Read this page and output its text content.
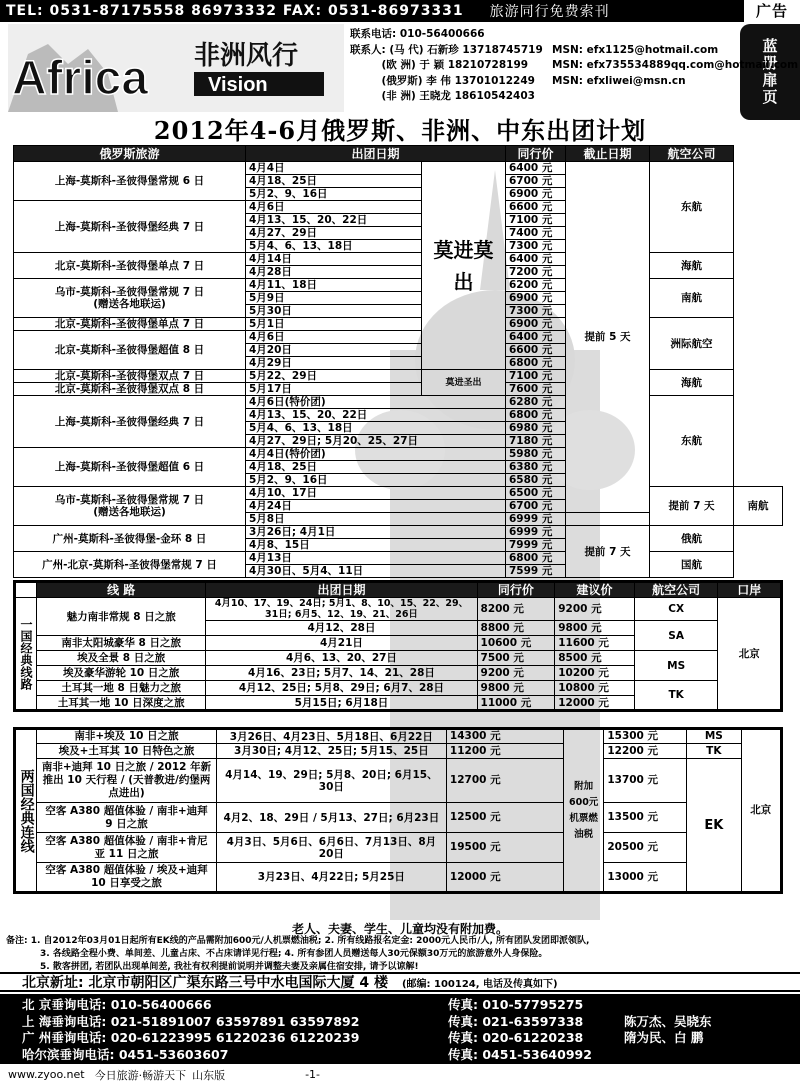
TEL: 0531-87175558 86973332 FAX: 0531-86973331 旅游同行免费索刊	广告
蓝册扉页
Africa 非洲风行
Vision
联系电话: 010-56400666
联系人: (马 代) 石新珍 13718745719 MSN: efx1125@hotmail.com
　　　(欧 洲) 于 颖 18210728199 MSN: efx735534889qq.com@hotmail.com
　　　(俄罗斯) 李 伟 13701012249 MSN: efxliwei@msn.cn
　　　(非 洲) 王晓龙 18610542403
2012年4-6月俄罗斯、非洲、中东出团计划
俄罗斯旅游	出团日期		同行价	截止日期	航空公司	
上海-莫斯科-圣彼得堡常规 6 日	4月4日	莫进莫出	6400 元	提前 5 天	东航	
	4月18、25日		6700 元			
	5月2、9、16日		6900 元			
上海-莫斯科-圣彼得堡经典 7 日	4月6日		6600 元			
	4月13、15、20、22日		7100 元			
	4月27、29日		7400 元			
	5月4、6、13、18日		7300 元			
北京-莫斯科-圣彼得堡单点 7 日	4月14日		6400 元		海航	
	4月28日		7200 元			
乌市-莫斯科-圣彼得堡常规 7 日
(赠送各地联运)	4月11、18日		6200 元		南航	
	5月9日		6900 元			
	5月30日		7300 元			
北京-莫斯科-圣彼得堡单点 7 日	5月1日		6900 元		洲际航空	
北京-莫斯科-圣彼得堡超值 8 日	4月6日		6400 元			
	4月20日		6600 元			
	4月29日		6800 元			
北京-莫斯科-圣彼得堡双点 7 日	5月22、29日	莫进圣出	7100 元		海航	
北京-莫斯科-圣彼得堡双点 8 日	5月17日		7600 元			
上海-莫斯科-圣彼得堡经典 7 日	4月6日(特价团)		6280 元		东航	
	4月13、15、20、22日		6800 元			
	5月4、6、13、18日		6980 元			
	4月27、29日; 5月20、25、27日		7180 元			
上海-莫斯科-圣彼得堡超值 6 日	4月4日(特价团)		5980 元			
	4月18、25日		6380 元			
	5月2、9、16日		6580 元			
乌市-莫斯科-圣彼得堡常规 7 日
(赠送各地联运)	4月10、17日		6500 元		提前 7 天	南航
	4月24日		6700 元			
	5月8日		6999 元			
广州-莫斯科-圣彼得堡-金环 8 日	3月26日; 4月1日		6999 元	提前 7 天	俄航	
	4月8、15日		7999 元			
广州-北京-莫斯科-圣彼得堡常规 7 日	4月13日		6800 元		国航	
	4月30日、5月4、11日		7599 元			
	线 路	出团日期	同行价	建议价	航空公司	口岸
一国经典线路	魅力南非常规 8 日之旅	4月10、17、19、24日; 5月1、8、10、15、22、29、31日; 6月5、12、19、21、26日	8200 元	9200 元	CX	北京
		4月12、28日	8800 元	9800 元	SA	
	南非太阳城豪华 8 日之旅	4月21日	10600 元	11600 元		
	埃及全景 8 日之旅	4月6、13、20、27日	7500 元	8500 元	MS	
	埃及豪华游轮 10 日之旅	4月16、23日; 5月7、14、21、28日	9200 元	10200 元		
	土耳其一地 8 日魅力之旅	4月12、25日; 5月8、29日; 6月7、28日	9800 元	10800 元	TK	
	土耳其一地 10 日深度之旅	5月15日; 6月18日	11000 元	12000 元		
两国经典连线	南非+埃及 10 日之旅	3月26日、4月23日、5月18日、6月22日	14300 元	附加600元机票燃油税	15300 元	MS	北京
	埃及+土耳其 10 日特色之旅	3月30日; 4月12、25日; 5月15、25日	11200 元		12200 元	TK	
	南非+迪拜 10 日之旅 / 2012 年新推出 10 天行程 / (天普教进/约堡两点进出)	4月14、19、29日; 5月8、20日; 6月15、30日	12700 元		13700 元	EK	
	空客 A380 超值体验 / 南非+迪拜 9 日之旅	4月2、18、29日 / 5月13、27日; 6月23日	12500 元		13500 元		
	空客 A380 超值体验 / 南非+肯尼亚 11 日之旅	4月3日、5月6日、6月6日、7月13日、8月20日	19500 元		20500 元		
	空客 A380 超值体验 / 埃及+迪拜 10 日享受之旅	3月23日、4月22日; 5月25日	12000 元		13000 元		
老人、夫妻、学生、儿童均没有附加费。
备注: 1. 自2012年03月01日起所有EK线的产品需附加600元/人机票燃油税; 2. 所有线路报名定金: 2000元人民币/人, 所有团队发团即派领队,
3. 各线路全程小费、单间差、儿童占床、不占床请详见行程; 4. 所有参团人员赠送每人30元保额30万元的旅游意外人身保险。
5. 散客拼团, 若团队出现单间差, 我社有权利提前说明并调整夫妻及亲属住宿安排, 请予以谅解!
北京新址: 北京市朝阳区广渠东路三号中水电国际大厦 4 楼 (邮编: 100124, 电话及传真如下)
北 京垂询电话: 010-56400666	传真: 010-57795275
上 海垂询电话: 021-51891007 63597891 63597892	传真: 021-63597338	陈万杰、吴晓东
广 州垂询电话: 020-61223995 61220236 61220239	传真: 020-61220238	隋为民、白 鹏
哈尔滨垂询电话: 0451-53603607	传真: 0451-53640992
www.zyoo.net 今日旅游·畅游天下 山东版	-1-
